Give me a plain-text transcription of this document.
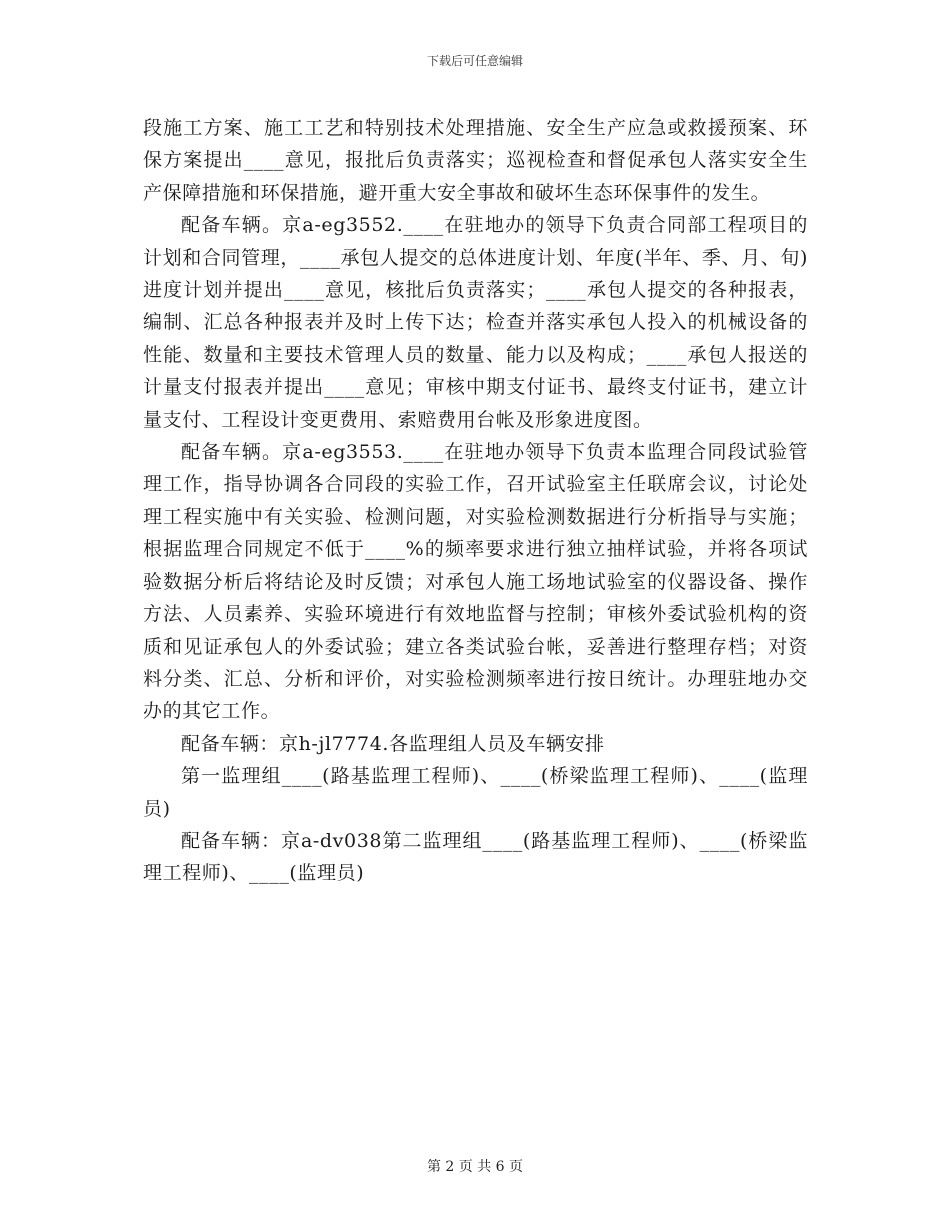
下载后可任意编辑

段施工方案、施工工艺和特别技术处理措施、安全生产应急或救援预案、环保方案提出____意见，报批后负责落实；巡视检查和督促承包人落实安全生产保障措施和环保措施，避开重大安全事故和破坏生态环保事件的发生。

配备车辆。京a-eg3552.____在驻地办的领导下负责合同部工程项目的计划和合同管理，____承包人提交的总体进度计划、年度(半年、季、月、旬)进度计划并提出____意见，核批后负责落实；____承包人提交的各种报表，编制、汇总各种报表并及时上传下达；检查并落实承包人投入的机械设备的性能、数量和主要技术管理人员的数量、能力以及构成；____承包人报送的计量支付报表并提出____意见；审核中期支付证书、最终支付证书，建立计量支付、工程设计变更费用、索赔费用台帐及形象进度图。

配备车辆。京a-eg3553.____在驻地办领导下负责本监理合同段试验管理工作，指导协调各合同段的实验工作，召开试验室主任联席会议，讨论处理工程实施中有关实验、检测问题，对实验检测数据进行分析指导与实施；根据监理合同规定不低于____%的频率要求进行独立抽样试验，并将各项试验数据分析后将结论及时反馈；对承包人施工场地试验室的仪器设备、操作方法、人员素养、实验环境进行有效地监督与控制；审核外委试验机构的资质和见证承包人的外委试验；建立各类试验台帐，妥善进行整理存档；对资料分类、汇总、分析和评价，对实验检测频率进行按日统计。办理驻地办交办的其它工作。

配备车辆：京h-jl7774.各监理组人员及车辆安排

第一监理组____(路基监理工程师)、____(桥梁监理工程师)、____(监理员)

配备车辆：京a-dv038第二监理组____(路基监理工程师)、____(桥梁监理工程师)、____(监理员)

第 2 页 共 6 页
